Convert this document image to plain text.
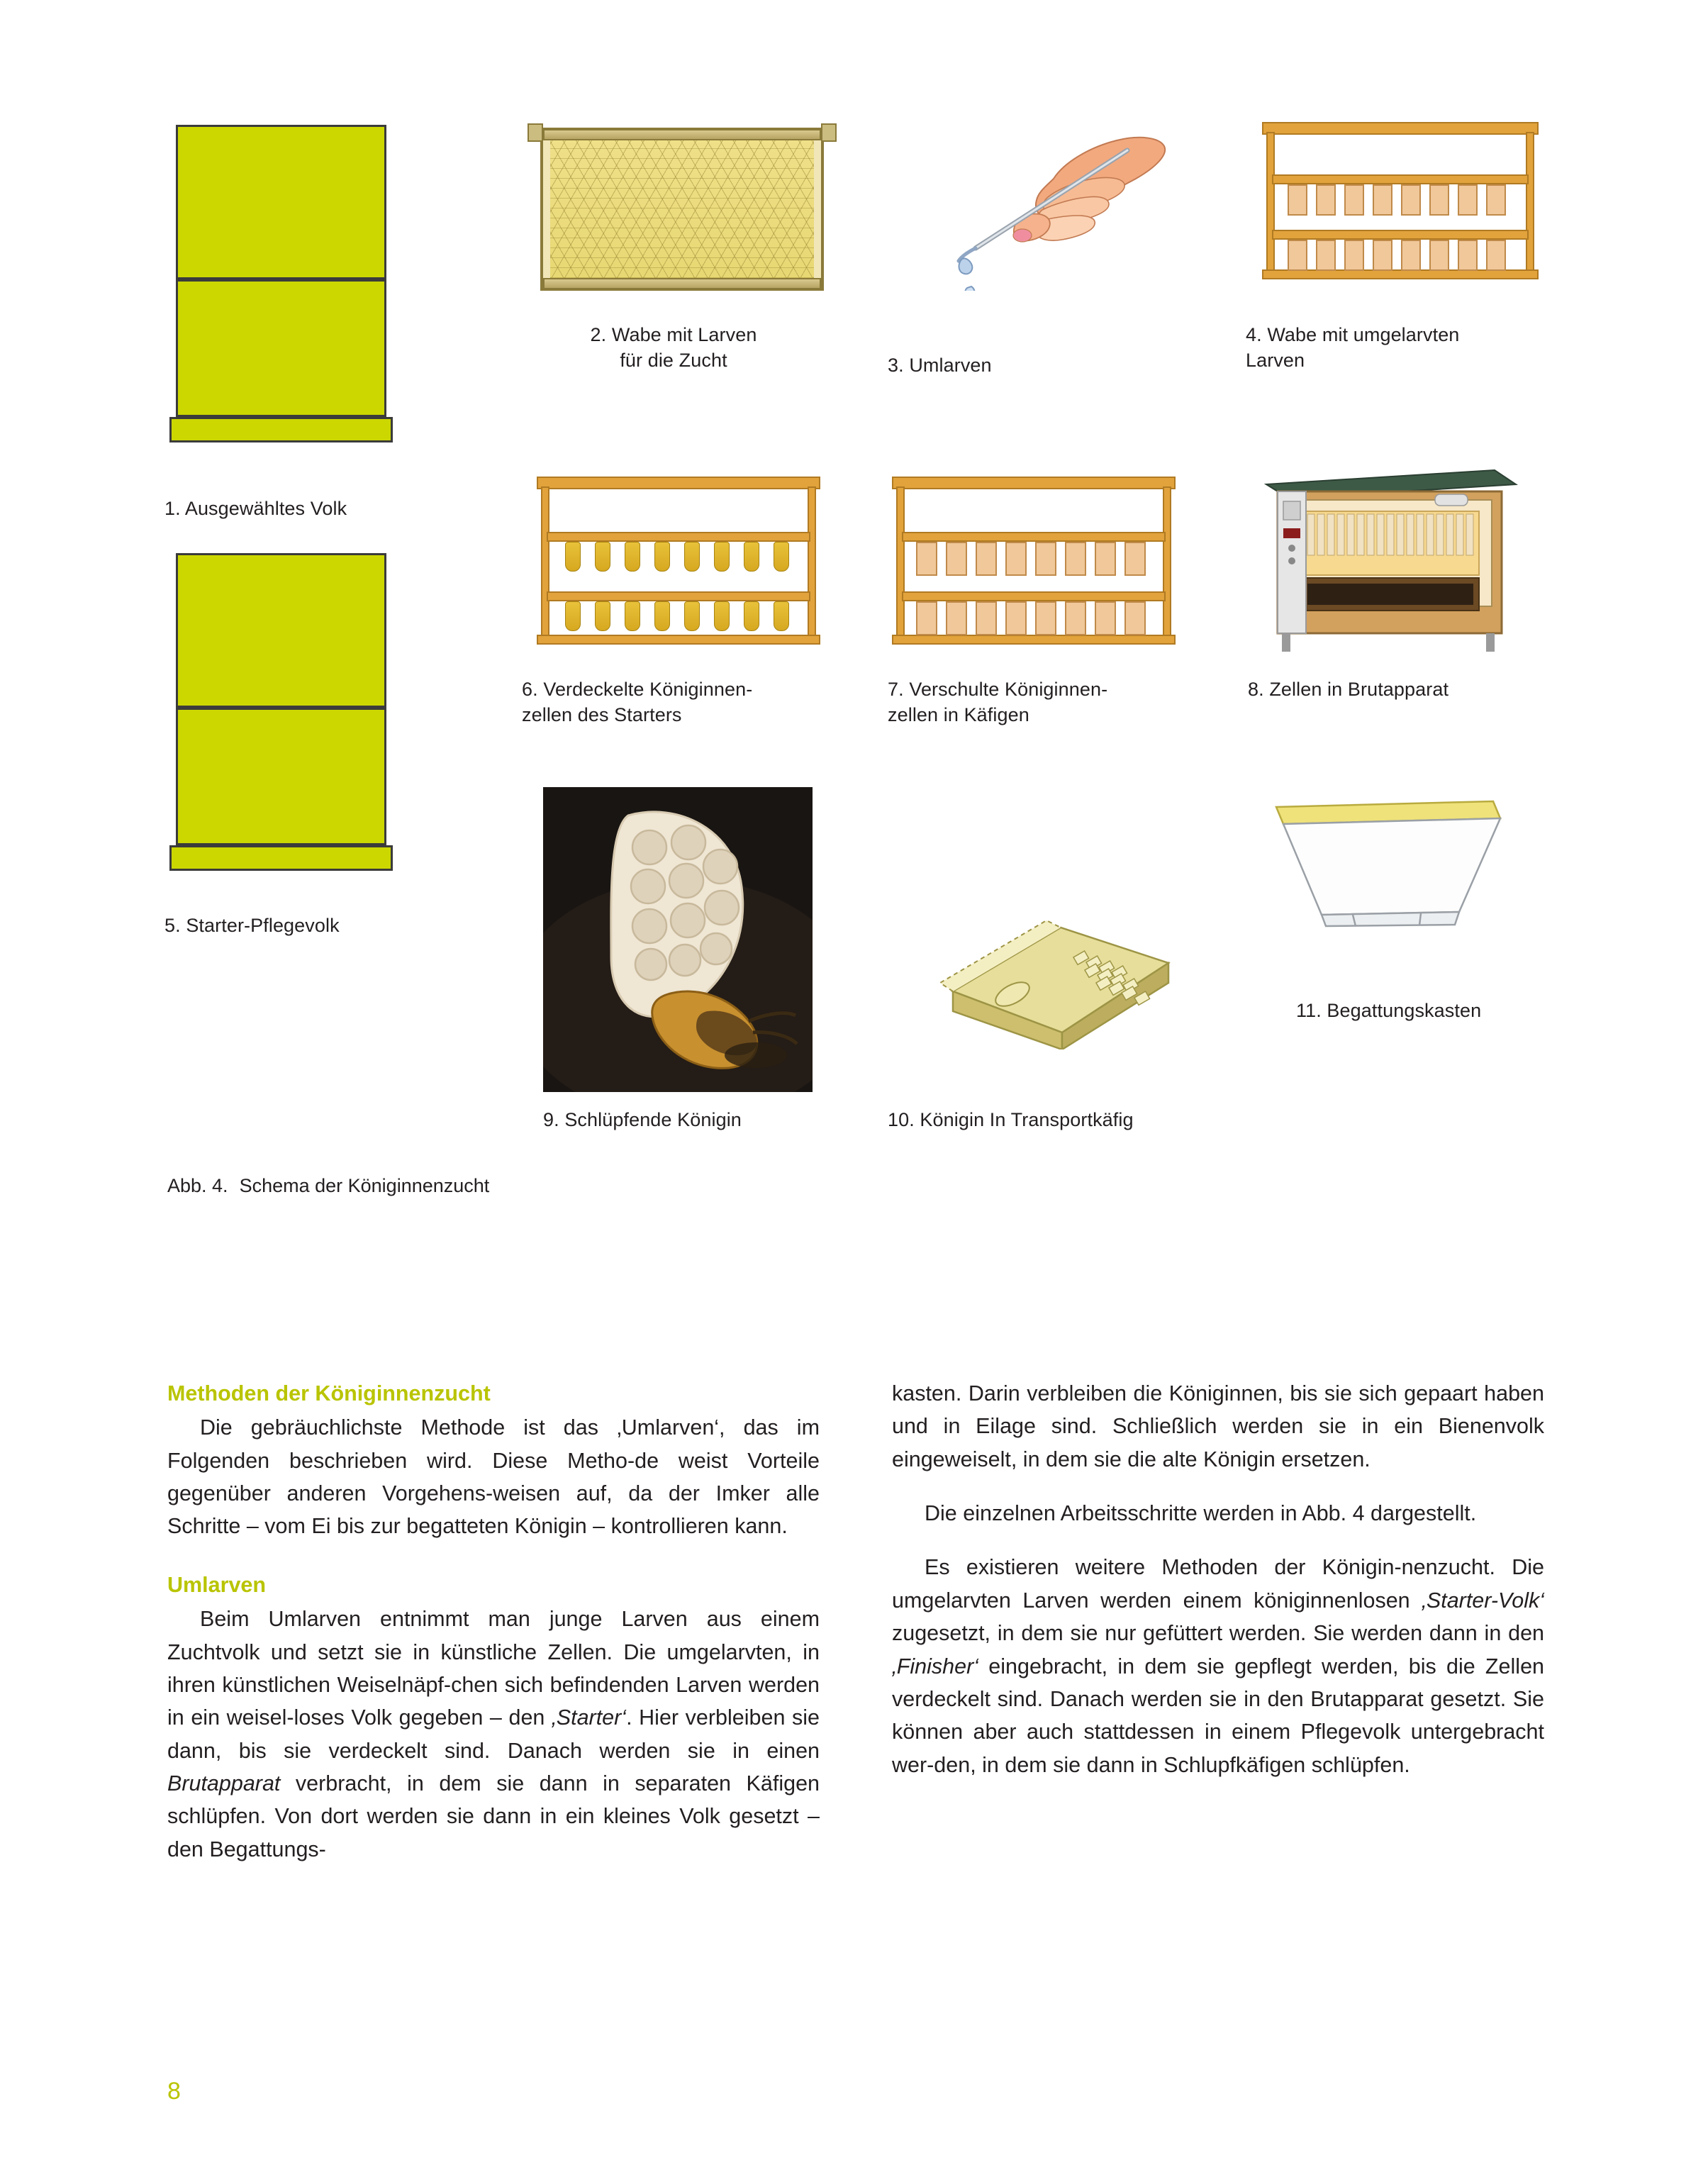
1. Ausgewähltes Volk
2. Wabe mit Larven
für die Zucht	3. Umlarven
4. Wabe mit umgelarvten
Larven
5. Starter-Pflegevolk
6. Verdeckelte Königinnen-
zellen des Starters
7. Verschulte Königinnen-
zellen in Käfigen
8. Zellen in Brutapparat
9. Schlüpfende Königin	10. Königin In Transportkäfig
11. Begattungskasten
Abb. 4. Schema der Königinnenzucht

Methoden der Königinnenzucht

Die gebräuchlichste Methode ist das ‚Umlarven‘, das im Folgenden beschrieben wird. Diese Metho-de weist Vorteile gegenüber anderen Vorgehens-weisen auf, da der Imker alle Schritte – vom Ei bis zur begatteten Königin – kontrollieren kann.

Umlarven

Beim Umlarven entnimmt man junge Larven aus einem Zuchtvolk und setzt sie in künstliche Zellen. Die umgelarvten, in ihren künstlichen Weiselnäpf-chen sich befindenden Larven werden in ein weisel-loses Volk gegeben – den ‚Starter‘. Hier verbleiben sie dann, bis sie verdeckelt sind. Danach werden sie in einen Brutapparat verbracht, in dem sie dann in separaten Käfigen schlüpfen. Von dort werden sie dann in ein kleines Volk gesetzt – den Begattungs-

kasten. Darin verbleiben die Königinnen, bis sie sich gepaart haben und in Eilage sind. Schließlich werden sie in ein Bienenvolk eingeweiselt, in dem sie die alte Königin ersetzen.

Die einzelnen Arbeitsschritte werden in Abb. 4 dargestellt.

Es existieren weitere Methoden der Königin-nenzucht. Die umgelarvten Larven werden einem königinnenlosen ‚Starter-Volk‘ zugesetzt, in dem sie nur gefüttert werden. Sie werden dann in den ‚Finisher‘ eingebracht, in dem sie gepflegt werden, bis die Zellen verdeckelt sind. Danach werden sie in den Brutapparat gesetzt. Sie können aber auch stattdessen in einem Pflegevolk untergebracht wer-den, in dem sie dann in Schlupfkäfigen schlüpfen.

8
